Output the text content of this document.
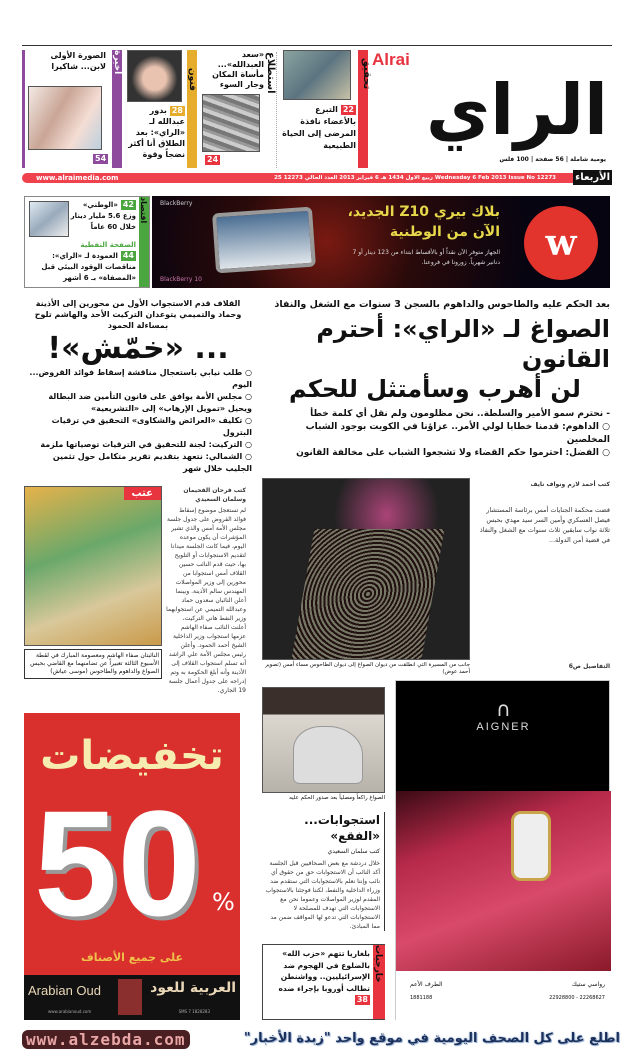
Alrai
الراي
يومية شاملة | 56 صفحة | 100 فلس
22التبرع بالأعضاء نافذة المرضى إلى الحياة الطبيعية
تحقيق
استطلاع
«سعد العبدالله»... مأساة المكان وجار السوء
24
فنون
28بدور عبدالله لـ «الراي»: بعد الطلاق أنا أكثر نضجاً وقوة
أخيرة
الصورة الأولى لابن... شاكيرا
54
www.alraimedia.com	25 ربيع الاول 1434 هـ 6 فبراير 2013 العدد الحالي 12273 Wednesday 6 Feb 2013 Issue No 12273 الأربعاء
اقتصاد
42«الوطني» وزع 5.6 مليار دينار خلال 60 عاماً
الصفحة النفطية
44العمودة لـ «الراي»: مناقصات الوقود البيئي قبل «المصفاة» بـ 6 أشهر
BlackBerry
BlackBerry 10
بلاك بيري Z10 الجديد،
الآن من الوطنية
الجهاز متوفر الآن نقداً أو بالأقساط ابتداء من 123 دينار أو 7 دنانير شهرياً. زورونا في فروعنا.	w
بعد الحكم عليه والطاحوس والداهوم بالسجن 3 سنوات مع الشغل والنفاذ
الصواغ لـ «الراي»: أحترم القانون
لن أهرب وسأمتثل للحكم
- نحترم سمو الأمير والسلطة.. نحن مظلومون ولم نقل أي كلمة خطأ
○ الداهوم: قدمنا خطابا لولي الأمر.. عزاؤنا في الكويت بوجود الشباب المخلصين
○ الفضل: احترموا حكم القضاء ولا تشجعوا الشباب على مخالفة القانون
القلاف قدم الاستجواب الأول من محورين إلى الأذينة
وحماد والتميمي يتوعدان التركيت الأحد والهاشم تلوح بمساءلة الحمود
... «خمّش»!
○ طلب نيابي باستعجال مناقشة إسقاط فوائد القروض... اليوم
○ مجلس الأمة يوافق على قانون التأمين ضد البطالة ويحيل «تمويل الإرهاب» إلى «التشريعية»
○ تكليف «العرائض والشكاوى» التحقيق في ترقيات البترول
○ التركيت: لجنة للتحقيق في الترقيات توصياتها ملزمة
○ الشمالي: نتعهد بتقديم تقرير متكامل حول تثمين الجليب خلال شهر
عتب
النائبتان صفاء الهاشم ومعصومة المبارك في لقطة الأسبوع الثالثة تعبيراً عن تضامنهما مع القاضي بحبس الصواغ والداهوم والطاحوس (موسى عياش)
كتب فرحان الفحيمان وسلمان السعيدي
لم تستعجل موضوع إسقاط فوائد القروض على جدول جلسة مجلس الأمة أمس والذي تشير المؤشرات أن يكون موعده اليوم، فيما كانت الجلسة ميدانا لتقديم الاستجوابات أو التلويح بها، حيث قدم النائب حسين القلاف أمس استجوابا من محورين إلى وزير المواصلات المهندس سالم الأذينة. وبينما أعلن النائبان سعدون حماد وعبدالله التميمي عن استجوابهما وزير النفط هاني التركيت، أعلنت النائب صفاء الهاشم عزمها استجواب وزير الداخلية الشيخ أحمد الحمود. وأعلن رئيس مجلس الأمة علي الراشد أنه تسلم استجواب القلاف إلى الأذينة وأنه أبلغ الحكومة به وتم إدراجه على جدول أعمال جلسة 19 الجاري.
جانب من المسيرة التي انطلقت من ديوان الصواغ إلى ديوان الطاحوس مساء أمس (تصوير أحمد عوض)
كتب أحمد لازم ونواف نايف
قضت محكمة الجنايات أمس برئاسة المستشار فيصل العسكري وأمين السر سيد مهدي بحبس ثلاثة نواب سابقين ثلاث سنوات مع الشغل والنفاذ في قضية أمن الدولة...
التفاصيل ص6
الصواغ راكعاً ومصلياً بعد صدور الحكم عليه
استجوابات... «الفقع»
كتب سلمان السعيدي
خلال دردشة مع بعض الصحافيين قبل الجلسة أكد النائب أن الاستجوابات حق من حقوق أي نائب وإننا نعلم بالاستجوابات التي ستقدم ضد وزراء الداخلية والنفط، لكننا فوجئنا بالاستجواب المقدم لوزير المواصلات وعموما نحن مع الاستجوابات التي تهدف للمصلحة لا الاستجوابات التي تدعو لها المواقف ضمن مد مما المبادئ.
خارجيات
بلغاريا تتهم «حزب الله» بالضلوع في الهجوم ضد الإسرائيليين.. وواشنطن تطالب أوروبا بإجراء ضده 38
تخفيضات
50 %
على جميع الأصناف
Arabian Oud	العربية للعود
www.arabianoud.com	SMS 7 1828283
∩
AIGNER
رواسي ستيك
22928800 - 22268627
الطرف الأعم
1881188
www.alzebda.com	اطلع على كل الصحف اليومية في موقع واحد "زبدة الأخبار"
